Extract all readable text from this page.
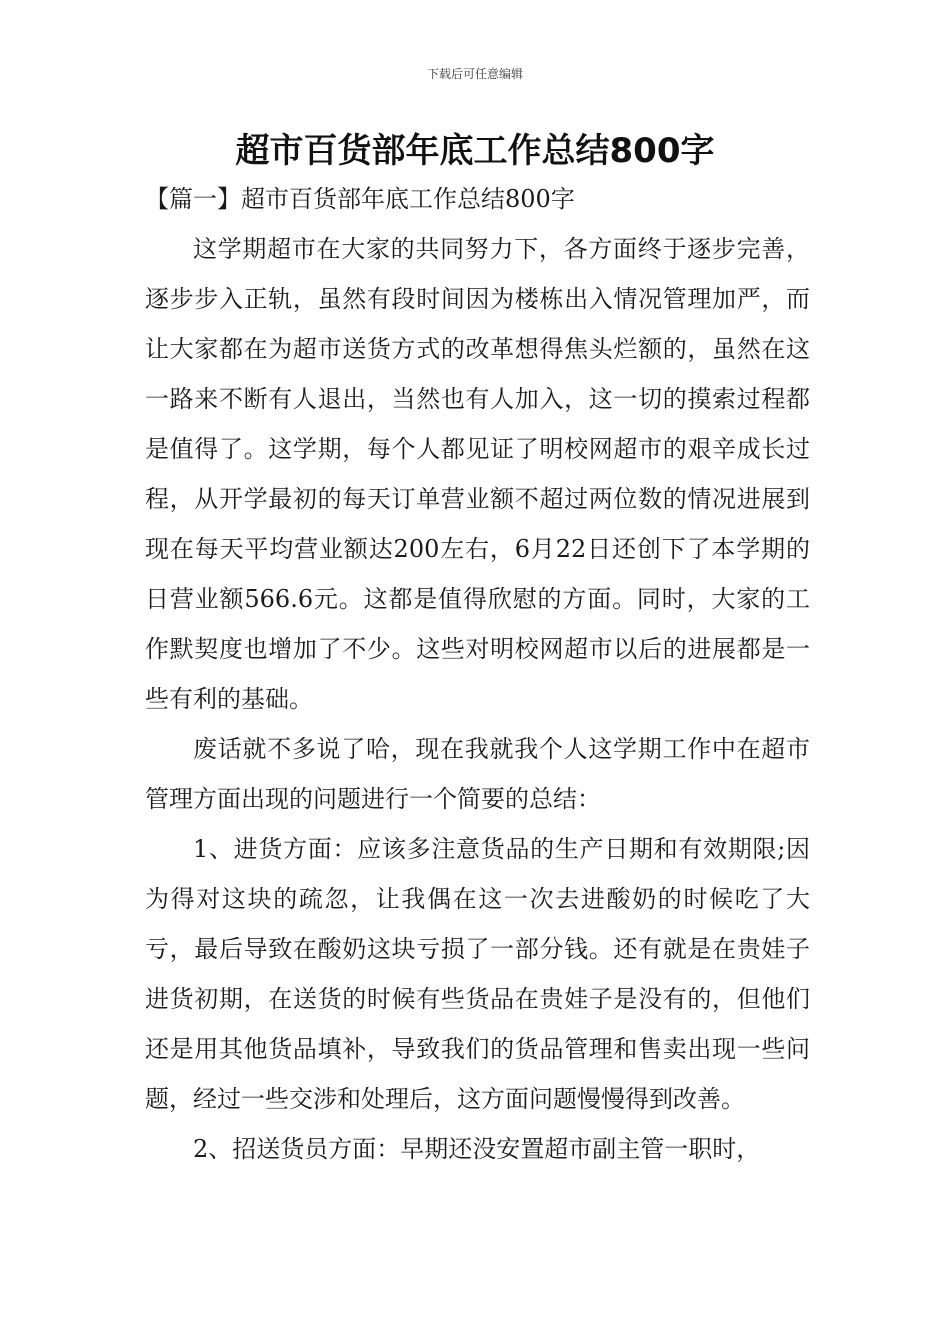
下载后可任意编辑
超市百货部年底工作总结800字

【篇一】超市百货部年底工作总结800字

这学期超市在大家的共同努力下，各方面终于逐步完善，逐步步入正轨，虽然有段时间因为楼栋出入情况管理加严，而让大家都在为超市送货方式的改革想得焦头烂额的，虽然在这一路来不断有人退出，当然也有人加入，这一切的摸索过程都是值得了。这学期，每个人都见证了明校网超市的艰辛成长过程，从开学最初的每天订单营业额不超过两位数的情况进展到现在每天平均营业额达200左右，6月22日还创下了本学期的日营业额566.6元。这都是值得欣慰的方面。同时，大家的工作默契度也增加了不少。这些对明校网超市以后的进展都是一些有利的基础。

废话就不多说了哈，现在我就我个人这学期工作中在超市管理方面出现的问题进行一个简要的总结：

1、进货方面：应该多注意货品的生产日期和有效期限;因为得对这块的疏忽，让我偶在这一次去进酸奶的时候吃了大亏，最后导致在酸奶这块亏损了一部分钱。还有就是在贵娃子进货初期，在送货的时候有些货品在贵娃子是没有的，但他们还是用其他货品填补，导致我们的货品管理和售卖出现一些问题，经过一些交涉和处理后，这方面问题慢慢得到改善。

2、招送货员方面：早期还没安置超市副主管一职时，
